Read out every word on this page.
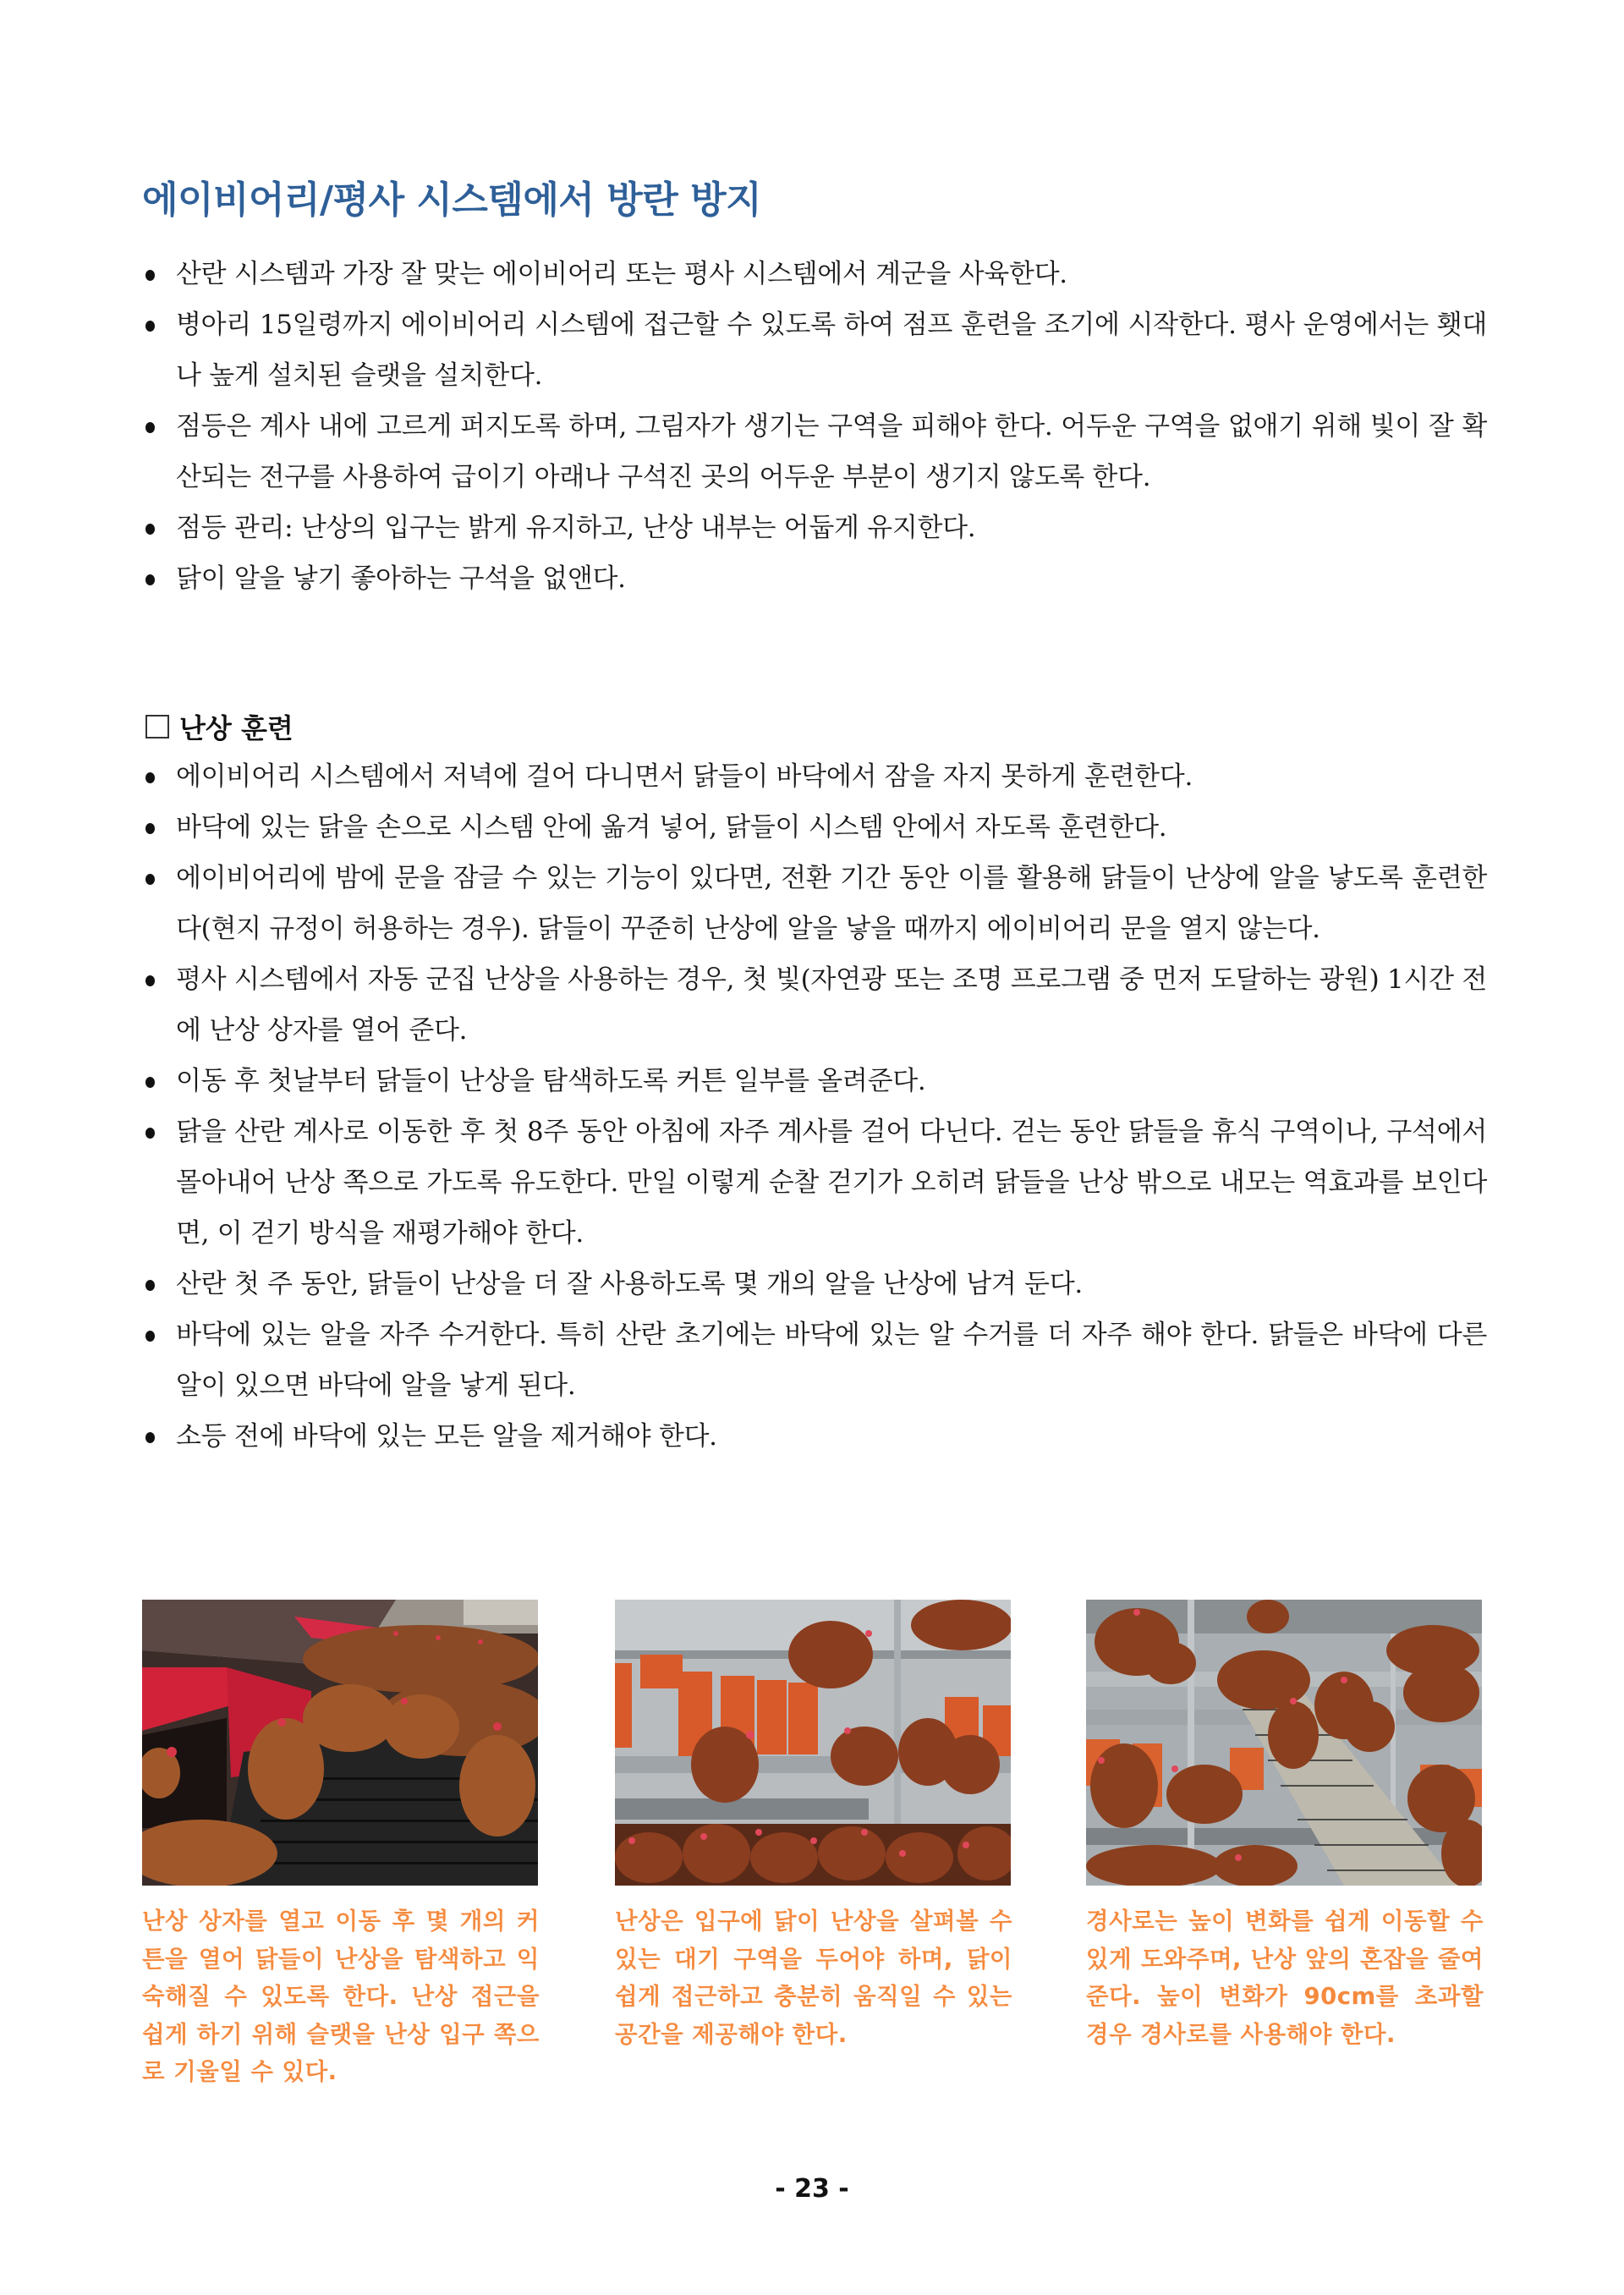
에이비어리/평사 시스템에서 방란 방지
산란 시스템과 가장 잘 맞는 에이비어리 또는 평사 시스템에서 계군을 사육한다.
병아리 15일령까지 에이비어리 시스템에 접근할 수 있도록 하여 점프 훈련을 조기에 시작한다. 평사 운영에서는 횃대나 높게 설치된 슬랫을 설치한다.
점등은 계사 내에 고르게 퍼지도록 하며, 그림자가 생기는 구역을 피해야 한다. 어두운 구역을 없애기 위해 빛이 잘 확산되는 전구를 사용하여 급이기 아래나 구석진 곳의 어두운 부분이 생기지 않도록 한다.
점등 관리: 난상의 입구는 밝게 유지하고, 난상 내부는 어둡게 유지한다.
닭이 알을 낳기 좋아하는 구석을 없앤다.
난상 훈련
에이비어리 시스템에서 저녁에 걸어 다니면서 닭들이 바닥에서 잠을 자지 못하게 훈련한다.
바닥에 있는 닭을 손으로 시스템 안에 옮겨 넣어, 닭들이 시스템 안에서 자도록 훈련한다.
에이비어리에 밤에 문을 잠글 수 있는 기능이 있다면, 전환 기간 동안 이를 활용해 닭들이 난상에 알을 낳도록 훈련한다(현지 규정이 허용하는 경우). 닭들이 꾸준히 난상에 알을 낳을 때까지 에이비어리 문을 열지 않는다.
평사 시스템에서 자동 군집 난상을 사용하는 경우, 첫 빛(자연광 또는 조명 프로그램 중 먼저 도달하는 광원) 1시간 전에 난상 상자를 열어 준다.
이동 후 첫날부터 닭들이 난상을 탐색하도록 커튼 일부를 올려준다.
닭을 산란 계사로 이동한 후 첫 8주 동안 아침에 자주 계사를 걸어 다닌다. 걷는 동안 닭들을 휴식 구역이나, 구석에서 몰아내어 난상 쪽으로 가도록 유도한다. 만일 이렇게 순찰 걷기가 오히려 닭들을 난상 밖으로 내모는 역효과를 보인다면, 이 걷기 방식을 재평가해야 한다.
산란 첫 주 동안, 닭들이 난상을 더 잘 사용하도록 몇 개의 알을 난상에 남겨 둔다.
바닥에 있는 알을 자주 수거한다. 특히 산란 초기에는 바닥에 있는 알 수거를 더 자주 해야 한다. 닭들은 바닥에 다른 알이 있으면 바닥에 알을 낳게 된다.
소등 전에 바닥에 있는 모든 알을 제거해야 한다.
난상 상자를 열고 이동 후 몇 개의 커튼을 열어 닭들이 난상을 탐색하고 익숙해질 수 있도록 한다. 난상 접근을 쉽게 하기 위해 슬랫을 난상 입구 쪽으로 기울일 수 있다.
난상은 입구에 닭이 난상을 살펴볼 수 있는 대기 구역을 두어야 하며, 닭이 쉽게 접근하고 충분히 움직일 수 있는 공간을 제공해야 한다.
경사로는 높이 변화를 쉽게 이동할 수 있게 도와주며, 난상 앞의 혼잡을 줄여준다. 높이 변화가 90cm를 초과할 경우 경사로를 사용해야 한다.
- 23 -
